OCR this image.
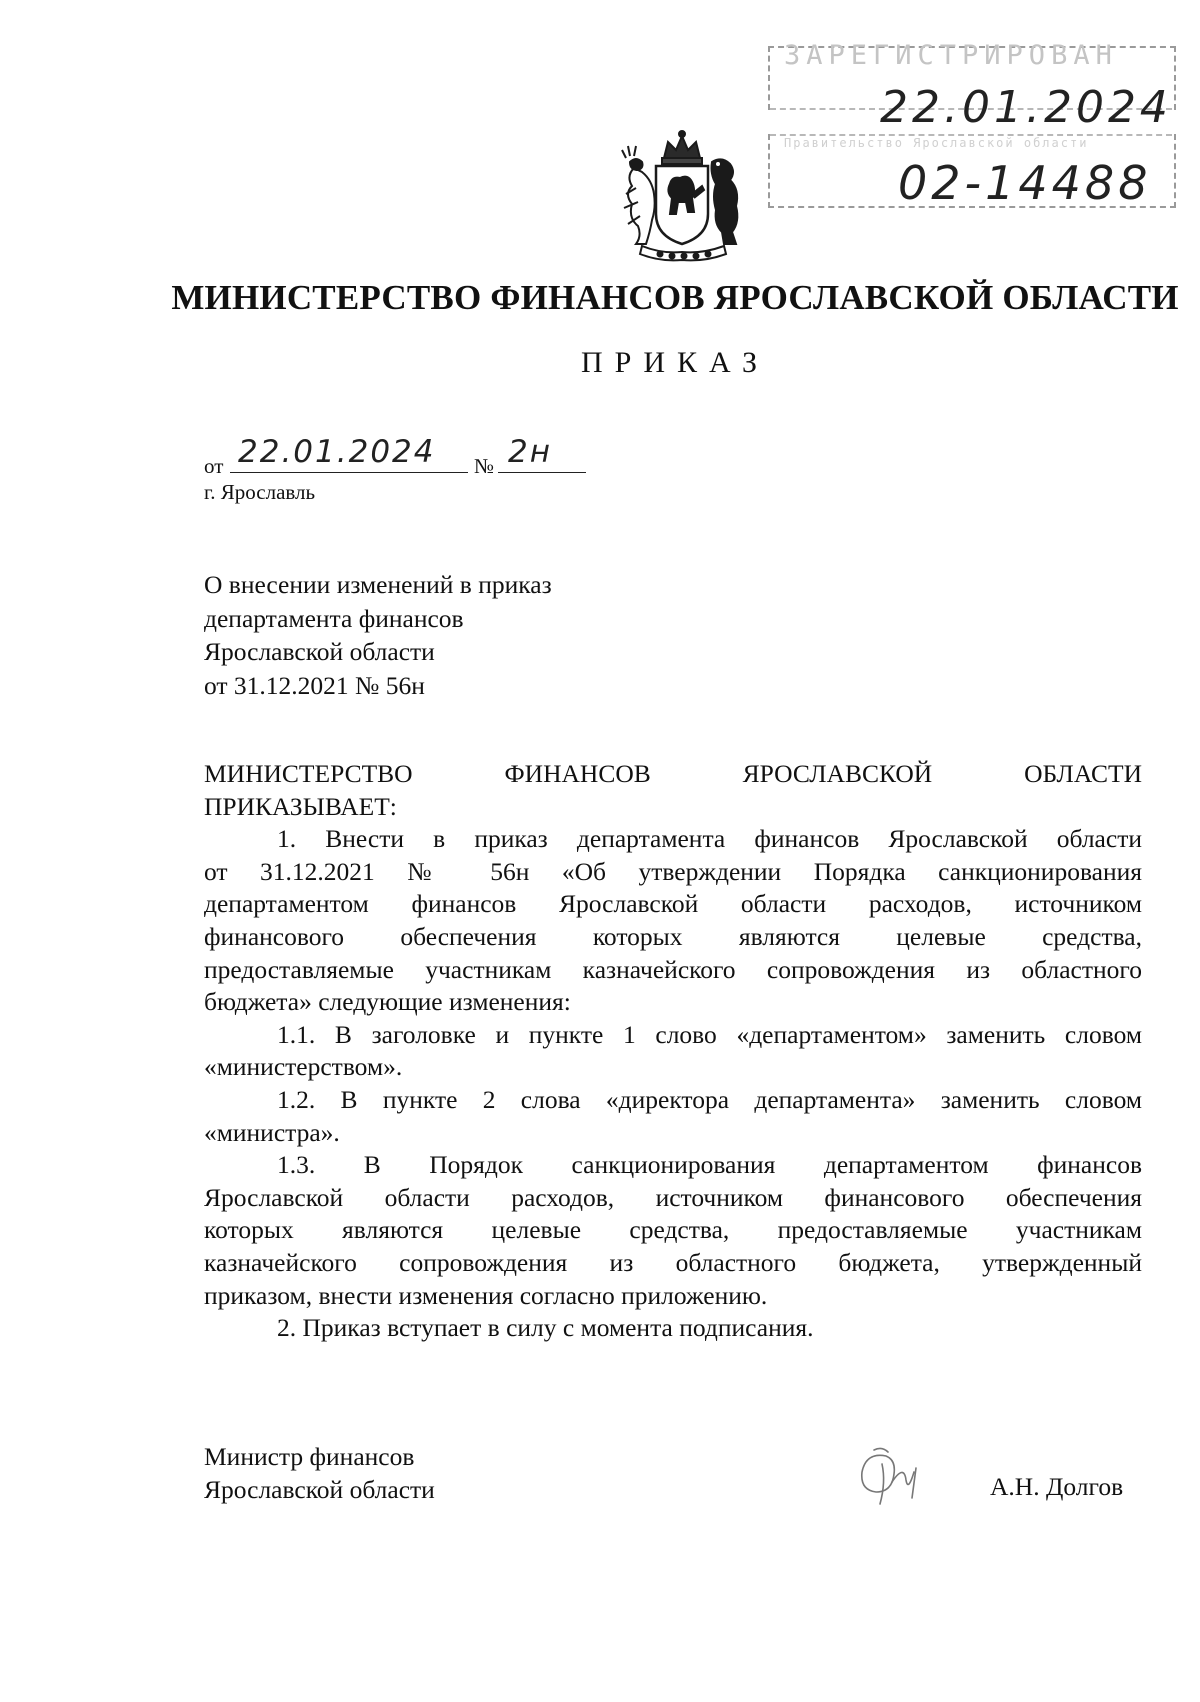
ЗАРЕГИСТРИРОВАН
Правительство Ярославской области
22.01.2024
02-14488
МИНИСТЕРСТВО ФИНАНСОВ ЯРОСЛАВСКОЙ ОБЛАСТИ
ПРИКАЗ
от 22.01.2024 № 2н
г. Ярославль
О внесении изменений в приказ
департамента финансов
Ярославской области
от 31.12.2021 № 56н
МИНИСТЕРСТВО ФИНАНСОВ ЯРОСЛАВСКОЙ ОБЛАСТИ
ПРИКАЗЫВАЕТ:
1. Внести в приказ департамента финансов Ярославской области
от 31.12.2021 № 56н «Об утверждении Порядка санкционирования
департаментом финансов Ярославской области расходов, источником
финансового обеспечения которых являются целевые средства,
предоставляемые участникам казначейского сопровождения из областного
бюджета» следующие изменения:
1.1. В заголовке и пункте 1 слово «департаментом» заменить словом
«министерством».
1.2. В пункте 2 слова «директора департамента» заменить словом
«министра».
1.3. В Порядок санкционирования департаментом финансов
Ярославской области расходов, источником финансового обеспечения
которых являются целевые средства, предоставляемые участникам
казначейского сопровождения из областного бюджета, утвержденный
приказом, внести изменения согласно приложению.
2. Приказ вступает в силу с момента подписания.
Министр финансов
Ярославской области	А.Н. Долгов
